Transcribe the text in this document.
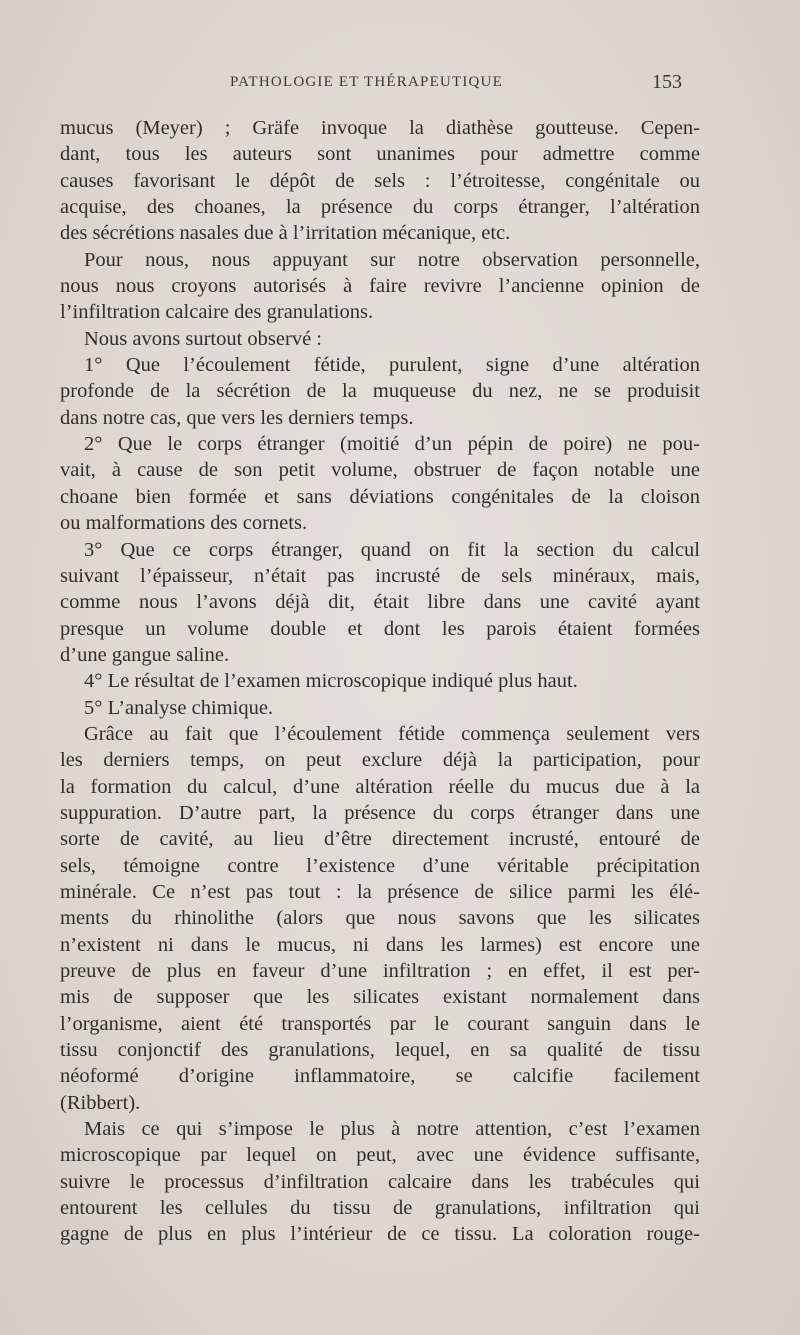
PATHOLOGIE ET THÉRAPEUTIQUE	153
mucus (Meyer) ; Gräfe invoque la diathèse goutteuse. Cepen-
dant, tous les auteurs sont unanimes pour admettre comme
causes favorisant le dépôt de sels : l’étroitesse, congénitale ou
acquise, des choanes, la présence du corps étranger, l’altération
des sécrétions nasales due à l’irritation mécanique, etc.
Pour nous, nous appuyant sur notre observation personnelle,
nous nous croyons autorisés à faire revivre l’ancienne opinion de
l’infiltration calcaire des granulations.
Nous avons surtout observé :
1° Que l’écoulement fétide, purulent, signe d’une altération
profonde de la sécrétion de la muqueuse du nez, ne se produisit
dans notre cas, que vers les derniers temps.
2° Que le corps étranger (moitié d’un pépin de poire) ne pou-
vait, à cause de son petit volume, obstruer de façon notable une
choane bien formée et sans déviations congénitales de la cloison
ou malformations des cornets.
3° Que ce corps étranger, quand on fit la section du calcul
suivant l’épaisseur, n’était pas incrusté de sels minéraux, mais,
comme nous l’avons déjà dit, était libre dans une cavité ayant
presque un volume double et dont les parois étaient formées
d’une gangue saline.
4° Le résultat de l’examen microscopique indiqué plus haut.
5° L’analyse chimique.
Grâce au fait que l’écoulement fétide commença seulement vers
les derniers temps, on peut exclure déjà la participation, pour
la formation du calcul, d’une altération réelle du mucus due à la
suppuration. D’autre part, la présence du corps étranger dans une
sorte de cavité, au lieu d’être directement incrusté, entouré de
sels, témoigne contre l’existence d’une véritable précipitation
minérale. Ce n’est pas tout : la présence de silice parmi les élé-
ments du rhinolithe (alors que nous savons que les silicates
n’existent ni dans le mucus, ni dans les larmes) est encore une
preuve de plus en faveur d’une infiltration ; en effet, il est per-
mis de supposer que les silicates existant normalement dans
l’organisme, aient été transportés par le courant sanguin dans le
tissu conjonctif des granulations, lequel, en sa qualité de tissu
néoformé d’origine inflammatoire, se calcifie facilement
(Ribbert).
Mais ce qui s’impose le plus à notre attention, c’est l’examen
microscopique par lequel on peut, avec une évidence suffisante,
suivre le processus d’infiltration calcaire dans les trabécules qui
entourent les cellules du tissu de granulations, infiltration qui
gagne de plus en plus l’intérieur de ce tissu. La coloration rouge-
